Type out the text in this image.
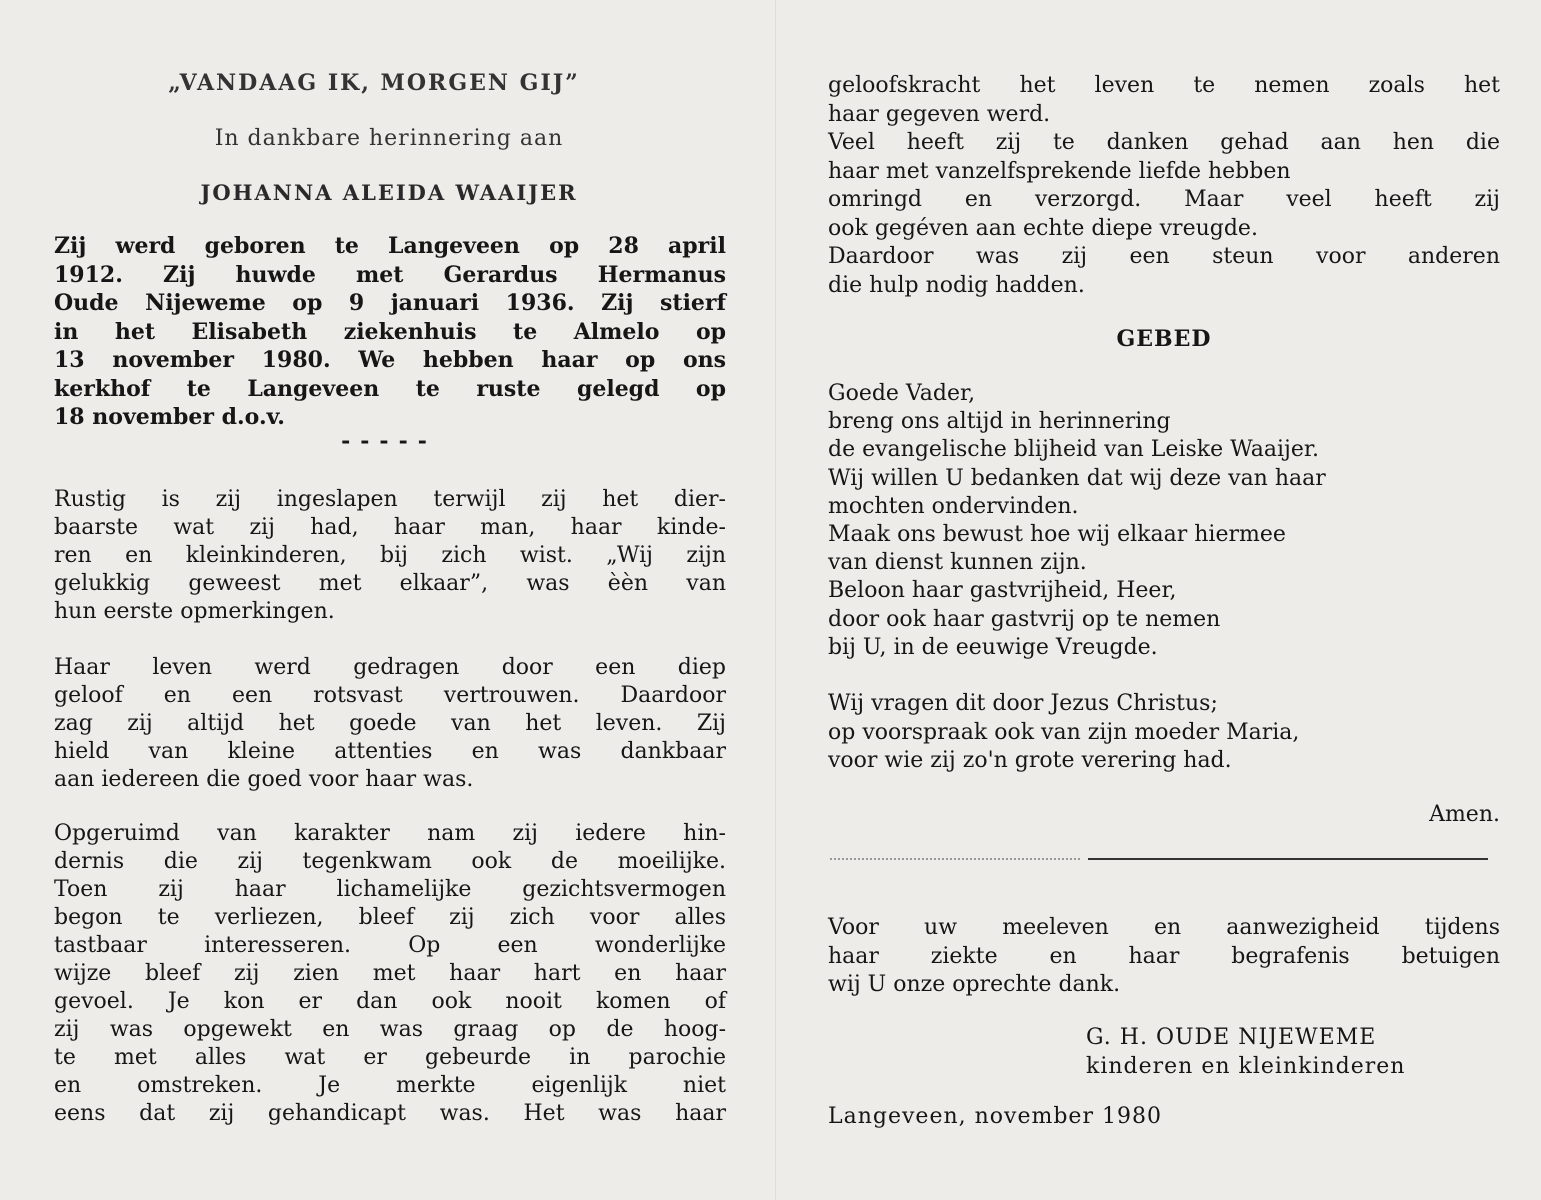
„VANDAAG IK, MORGEN GIJ”
In dankbare herinnering aan
JOHANNA ALEIDA WAAIJER

Zij werd geboren te Langeveen op 28 april

1912. Zij huwde met Gerardus Hermanus

Oude Nijeweme op 9 januari 1936. Zij stierf

in het Elisabeth ziekenhuis te Almelo op

13 november 1980. We hebben haar op ons

kerkhof te Langeveen te ruste gelegd op

18 november d.o.v.

-----

Rustig is zij ingeslapen terwijl zij het dier-

baarste wat zij had, haar man, haar kinde-

ren en kleinkinderen, bij zich wist. „Wij zijn

gelukkig geweest met elkaar”, was èèn van

hun eerste opmerkingen.

Haar leven werd gedragen door een diep

geloof en een rotsvast vertrouwen. Daardoor

zag zij altijd het goede van het leven. Zij

hield van kleine attenties en was dankbaar

aan iedereen die goed voor haar was.

Opgeruimd van karakter nam zij iedere hin-

dernis die zij tegenkwam ook de moeilijke.

Toen zij haar lichamelijke gezichtsvermogen

begon te verliezen, bleef zij zich voor alles

tastbaar interesseren. Op een wonderlijke

wijze bleef zij zien met haar hart en haar

gevoel. Je kon er dan ook nooit komen of

zij was opgewekt en was graag op de hoog-

te met alles wat er gebeurde in parochie

en omstreken. Je merkte eigenlijk niet

eens dat zij gehandicapt was. Het was haar

geloofskracht het leven te nemen zoals het

haar gegeven werd.

Veel heeft zij te danken gehad aan hen die

haar met vanzelfsprekende liefde hebben

omringd en verzorgd. Maar veel heeft zij

ook gegéven aan echte diepe vreugde.

Daardoor was zij een steun voor anderen

die hulp nodig hadden.

GEBED
Goede Vader,
breng ons altijd in herinnering
de evangelische blijheid van Leiske Waaijer.
Wij willen U bedanken dat wij deze van haar
mochten ondervinden.
Maak ons bewust hoe wij elkaar hiermee
van dienst kunnen zijn.
Beloon haar gastvrijheid, Heer,
door ook haar gastvrij op te nemen
bij U, in de eeuwige Vreugde.
Wij vragen dit door Jezus Christus;
op voorspraak ook van zijn moeder Maria,
voor wie zij zo'n grote verering had.
Amen.

Voor uw meeleven en aanwezigheid tijdens

haar ziekte en haar begrafenis betuigen

wij U onze oprechte dank.

G. H. OUDE NIJEWEME
kinderen en kleinkinderen
Langeveen, november 1980
